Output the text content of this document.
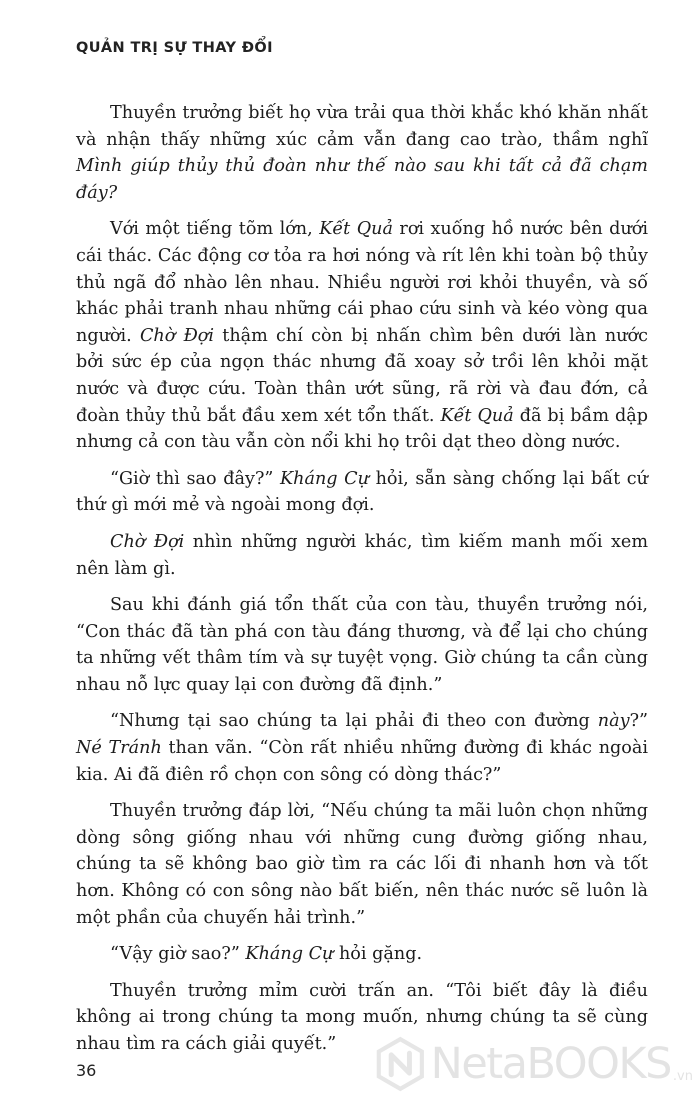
QUẢN TRỊ SỰ THAY ĐỔI

Thuyền trưởng biết họ vừa trải qua thời khắc khó khăn nhất và nhận thấy những xúc cảm vẫn đang cao trào, thầm nghĩ Mình giúp thủy thủ đoàn như thế nào sau khi tất cả đã chạm đáy?

Với một tiếng tõm lớn, Kết Quả rơi xuống hồ nước bên dưới cái thác. Các động cơ tỏa ra hơi nóng và rít lên khi toàn bộ thủy thủ ngã đổ nhào lên nhau. Nhiều người rơi khỏi thuyền, và số khác phải tranh nhau những cái phao cứu sinh và kéo vòng qua người. Chờ Đợi thậm chí còn bị nhấn chìm bên dưới làn nước bởi sức ép của ngọn thác nhưng đã xoay sở trồi lên khỏi mặt nước và được cứu. Toàn thân ướt sũng, rã rời và đau đớn, cả đoàn thủy thủ bắt đầu xem xét tổn thất. Kết Quả đã bị bầm dập nhưng cả con tàu vẫn còn nổi khi họ trôi dạt theo dòng nước.

“Giờ thì sao đây?” Kháng Cự hỏi, sẵn sàng chống lại bất cứ thứ gì mới mẻ và ngoài mong đợi.

Chờ Đợi nhìn những người khác, tìm kiếm manh mối xem nên làm gì.

Sau khi đánh giá tổn thất của con tàu, thuyền trưởng nói, “Con thác đã tàn phá con tàu đáng thương, và để lại cho chúng ta những vết thâm tím và sự tuyệt vọng. Giờ chúng ta cần cùng nhau nỗ lực quay lại con đường đã định.”

“Nhưng tại sao chúng ta lại phải đi theo con đường này?” Né Tránh than vãn. “Còn rất nhiều những đường đi khác ngoài kia. Ai đã điên rồ chọn con sông có dòng thác?”

Thuyền trưởng đáp lời, “Nếu chúng ta mãi luôn chọn những dòng sông giống nhau với những cung đường giống nhau, chúng ta sẽ không bao giờ tìm ra các lối đi nhanh hơn và tốt hơn. Không có con sông nào bất biến, nên thác nước sẽ luôn là một phần của chuyến hải trình.”

“Vậy giờ sao?” Kháng Cự hỏi gặng.

Thuyền trưởng mỉm cười trấn an. “Tôi biết đây là điều không ai trong chúng ta mong muốn, nhưng chúng ta sẽ cùng nhau tìm ra cách giải quyết.”

36	NetaBOOKS .vn
